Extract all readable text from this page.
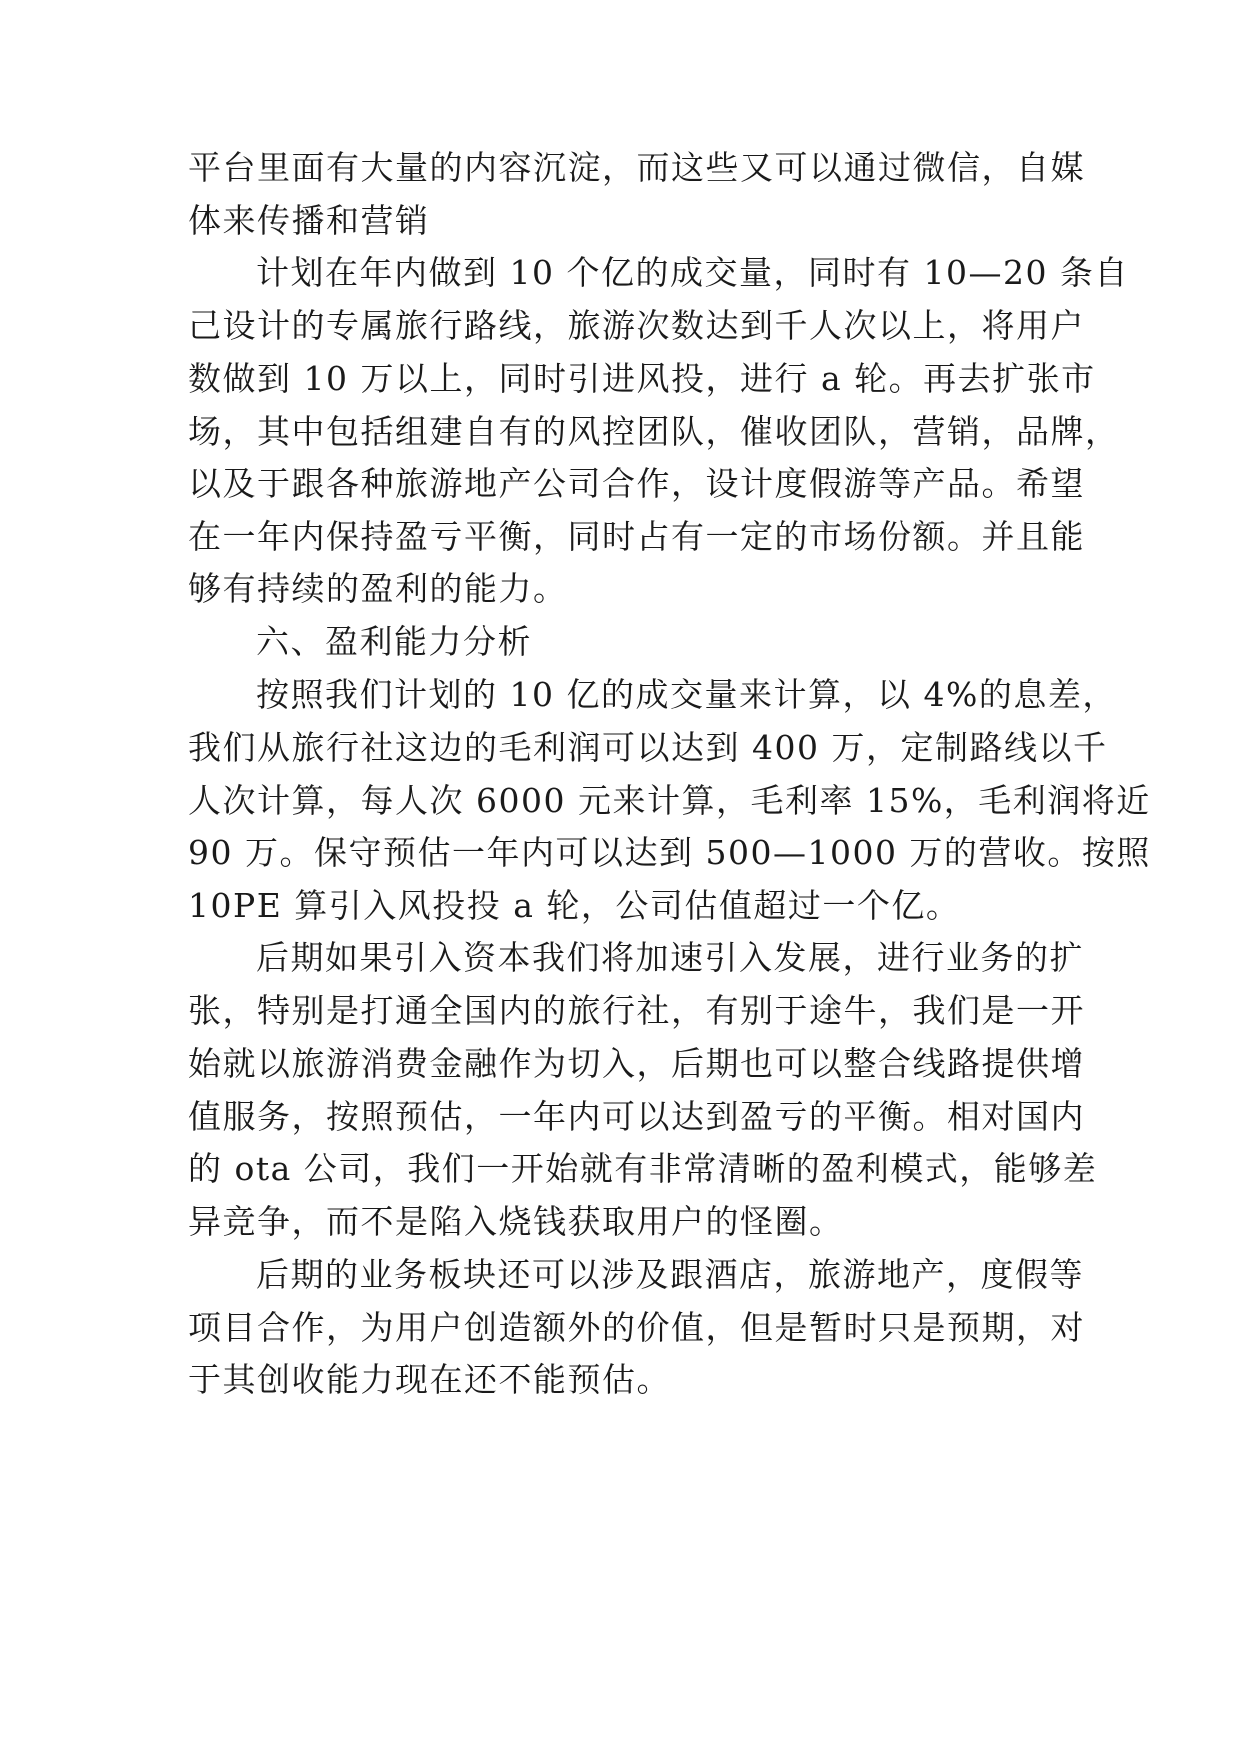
平台里面有大量的内容沉淀，而这些又可以通过微信，自媒
体来传播和营销
计划在年内做到 10 个亿的成交量，同时有 10—20 条自
己设计的专属旅行路线，旅游次数达到千人次以上，将用户
数做到 10 万以上，同时引进风投，进行 a 轮。再去扩张市
场，其中包括组建自有的风控团队，催收团队，营销，品牌，
以及于跟各种旅游地产公司合作，设计度假游等产品。希望
在一年内保持盈亏平衡，同时占有一定的市场份额。并且能
够有持续的盈利的能力。
六、盈利能力分析
按照我们计划的 10 亿的成交量来计算，以 4%的息差，
我们从旅行社这边的毛利润可以达到 400 万，定制路线以千
人次计算，每人次 6000 元来计算，毛利率 15%，毛利润将近
90 万。保守预估一年内可以达到 500—1000 万的营收。按照
10PE 算引入风投投 a 轮，公司估值超过一个亿。
后期如果引入资本我们将加速引入发展，进行业务的扩
张，特别是打通全国内的旅行社，有别于途牛，我们是一开
始就以旅游消费金融作为切入，后期也可以整合线路提供增
值服务，按照预估，一年内可以达到盈亏的平衡。相对国内
的 ota 公司，我们一开始就有非常清晰的盈利模式，能够差
异竞争，而不是陷入烧钱获取用户的怪圈。
后期的业务板块还可以涉及跟酒店，旅游地产，度假等
项目合作，为用户创造额外的价值，但是暂时只是预期，对
于其创收能力现在还不能预估。
